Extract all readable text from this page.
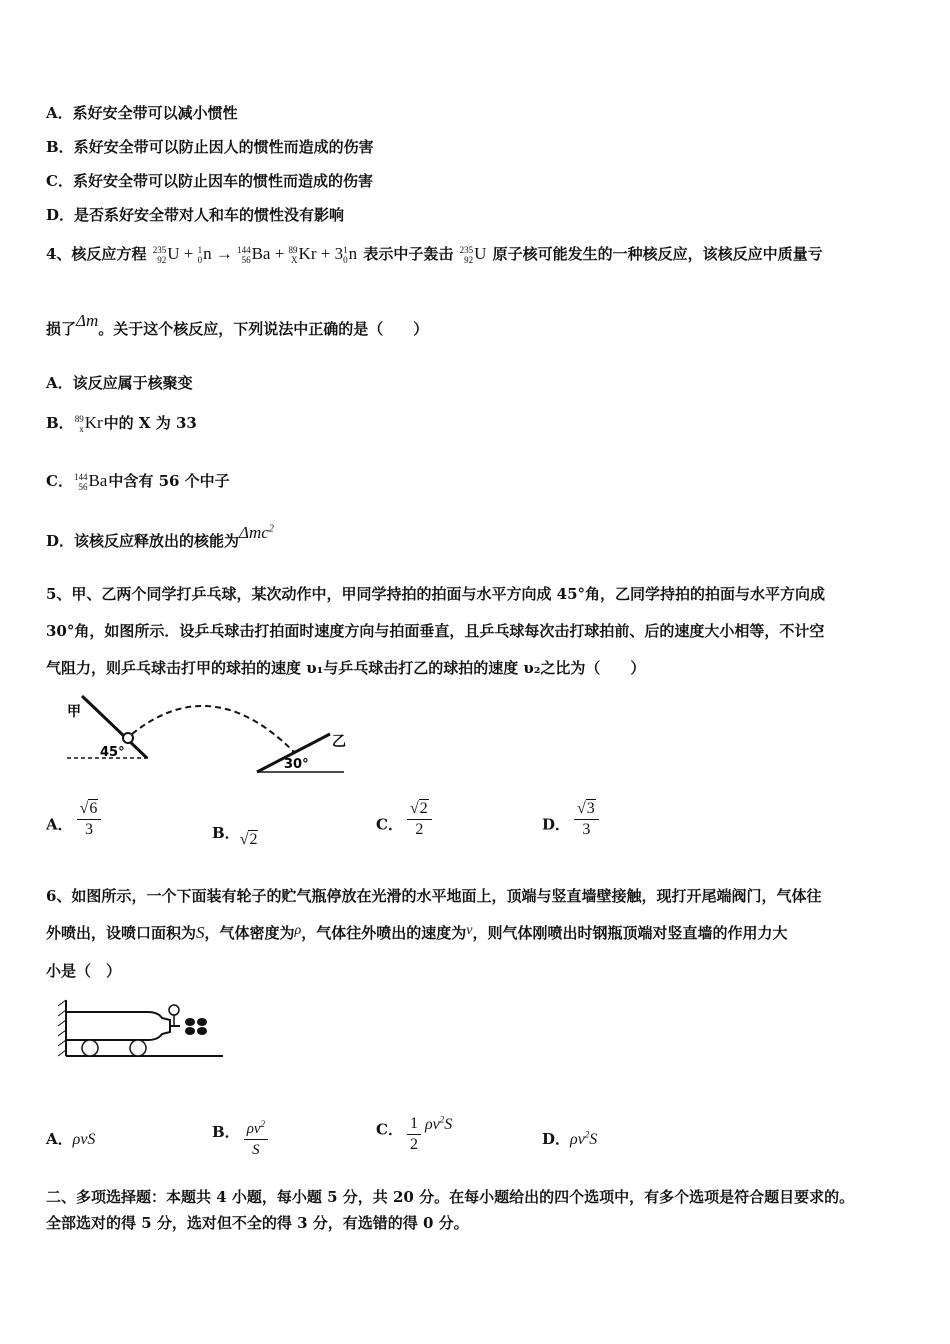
A．系好安全带可以减小惯性
B．系好安全带可以防止因人的惯性而造成的伤害
C．系好安全带可以防止因车的惯性而造成的伤害
D．是否系好安全带对人和车的惯性没有影响
4、核反应方程 235
92 U + 1
0 n → 144
56 Ba + 89
X Kr + 3 1
0 n 表示中子轰击 235
92 U 原子核可能发生的一种核反应，该核反应中质量亏
损了Δm。关于这个核反应，下列说法中正确的是（　　）
A．该反应属于核聚变
B． 89
x Kr中的 X 为 33
C． 144
56 Ba中含有 56 个中子
D．该核反应释放出的核能为Δmc$^2$
5、甲、乙两个同学打乒乓球，某次动作中，甲同学持拍的拍面与水平方向成 45°角，乙同学持拍的拍面与水平方向成
30°角，如图所示．设乒乓球击打拍面时速度方向与拍面垂直，且乒乓球每次击打球拍前、后的速度大小相等，不计空
气阻力，则乒乓球击打甲的球拍的速度 υ₁与乒乓球击打乙的球拍的速度 υ₂之比为（　　）
甲
乙
45°
30°
A． $\frac{√6}{3}$	B．√2
C． $\frac{√2}{2}$	D． $\frac{√3}{3}$
6、如图所示，一个下面装有轮子的贮气瓶停放在光滑的水平地面上，顶端与竖直墙壁接触，现打开尾端阀门，气体往
外喷出，设喷口面积为S，气体密度为ρ，气体往外喷出的速度为v，则气体刚喷出时钢瓶顶端对竖直墙的作用力大
小是（　）
A．ρvS	B． $\frac{\rho v^2}{S}$	C． $\frac{1}{2} \rho v^2S$
D．$\rho v^2S$
二、多项选择题：本题共 4 小题，每小题 5 分，共 20 分。在每小题给出的四个选项中，有多个选项是符合题目要求的。
全部选对的得 5 分，选对但不全的得 3 分，有选错的得 0 分。
